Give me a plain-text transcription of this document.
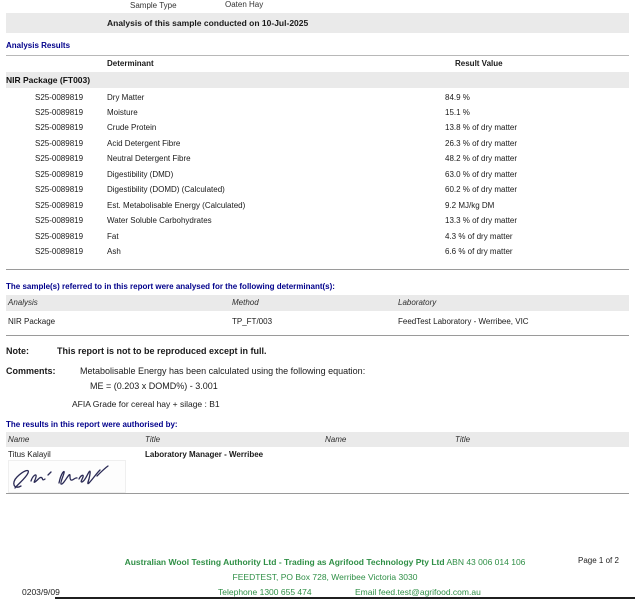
Sample Type	Oaten Hay
Analysis of this sample conducted on 10-Jul-2025
Analysis Results
Determinant	Result Value
NIR Package (FT003)
S25-0089819	Dry Matter	84.9 %
S25-0089819	Moisture	15.1 %
S25-0089819	Crude Protein	13.8 % of dry matter
S25-0089819	Acid Detergent Fibre	26.3 % of dry matter
S25-0089819	Neutral Detergent Fibre	48.2 % of dry matter
S25-0089819	Digestibility (DMD)	63.0 % of dry matter
S25-0089819	Digestibility (DOMD) (Calculated)	60.2 % of dry matter
S25-0089819	Est. Metabolisable Energy (Calculated)	9.2 MJ/kg DM
S25-0089819	Water Soluble Carbohydrates	13.3 % of dry matter
S25-0089819	Fat	4.3 % of dry matter
S25-0089819	Ash	6.6 % of dry matter
The sample(s) referred to in this report were analysed for the following determinant(s):
Analysis	Method	Laboratory
NIR Package	TP_FT/003	FeedTest Laboratory - Werribee, VIC
Note:	This report is not to be reproduced except in full.
Comments:	Metabolisable Energy has been calculated using the following equation:
ME = (0.203 x DOMD%) - 3.001
AFIA Grade for cereal hay + silage : B1
The results in this report were authorised by:
Name	Title	Name	Title
Titus Kalayil	Laboratory Manager - Werribee
Australian Wool Testing Authority Ltd - Trading as Agrifood Technology Pty Ltd ABN 43 006 014 106	Page 1 of 2
FEEDTEST, PO Box 728, Werribee Victoria 3030
Telephone 1300 655 474	Email feed.test@agrifood.com.au
0203/9/09
